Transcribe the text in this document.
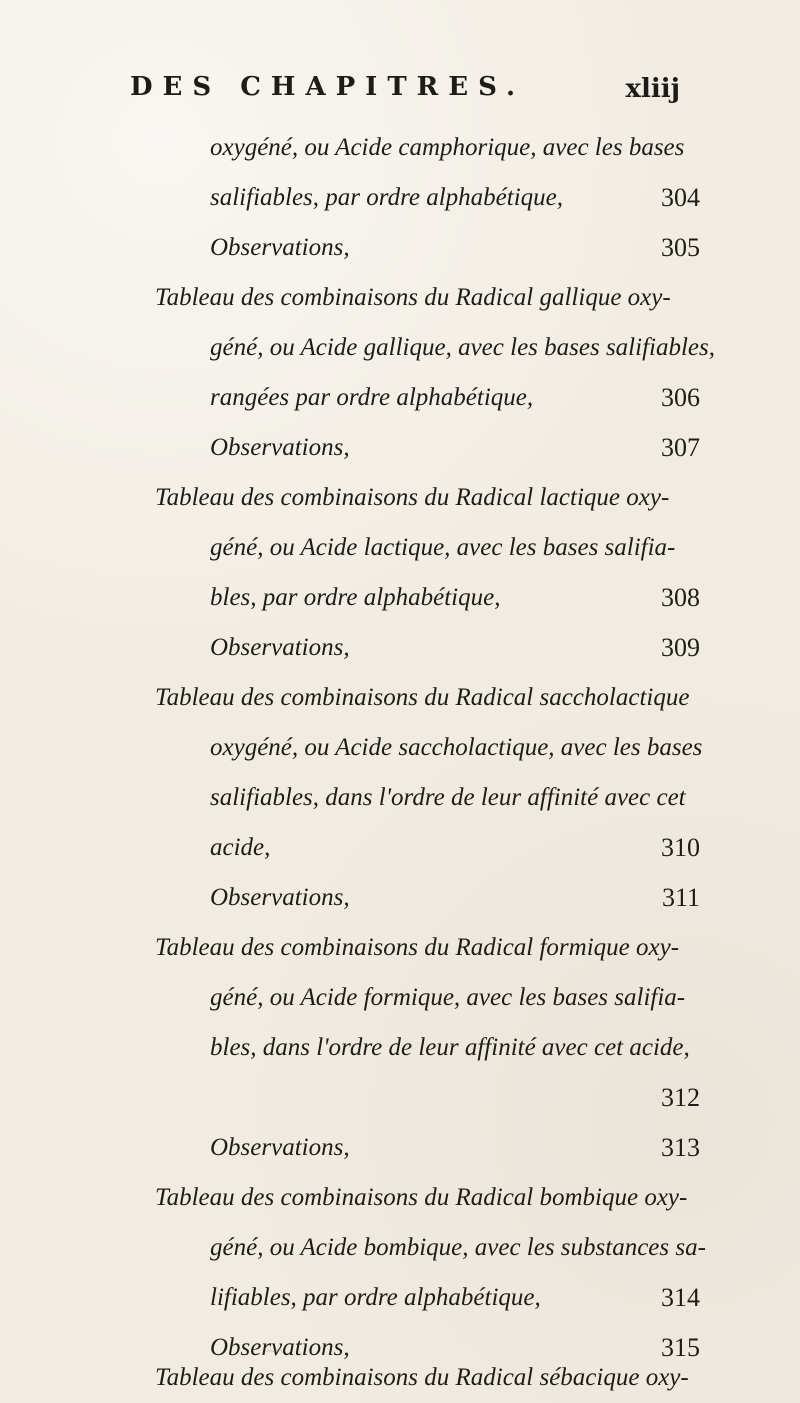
DES CHAPITRES.	xliij
oxygéné, ou Acide camphorique, avec les bases
salifiables, par ordre alphabétique,	304
Observations,	305
Tableau des combinaisons du Radical gallique oxy-
géné, ou Acide gallique, avec les bases salifiables,
rangées par ordre alphabétique,	306
Observations,	307
Tableau des combinaisons du Radical lactique oxy-
géné, ou Acide lactique, avec les bases salifia-
bles, par ordre alphabétique,	308
Observations,	309
Tableau des combinaisons du Radical saccholactique
oxygéné, ou Acide saccholactique, avec les bases
salifiables, dans l'ordre de leur affinité avec cet
acide,	310
Observations,	311
Tableau des combinaisons du Radical formique oxy-
géné, ou Acide formique, avec les bases salifia-
bles, dans l'ordre de leur affinité avec cet acide,
312
Observations,	313
Tableau des combinaisons du Radical bombique oxy-
géné, ou Acide bombique, avec les substances sa-
lifiables, par ordre alphabétique,	314
Observations,	315
Tableau des combinaisons du Radical sébacique oxy-
